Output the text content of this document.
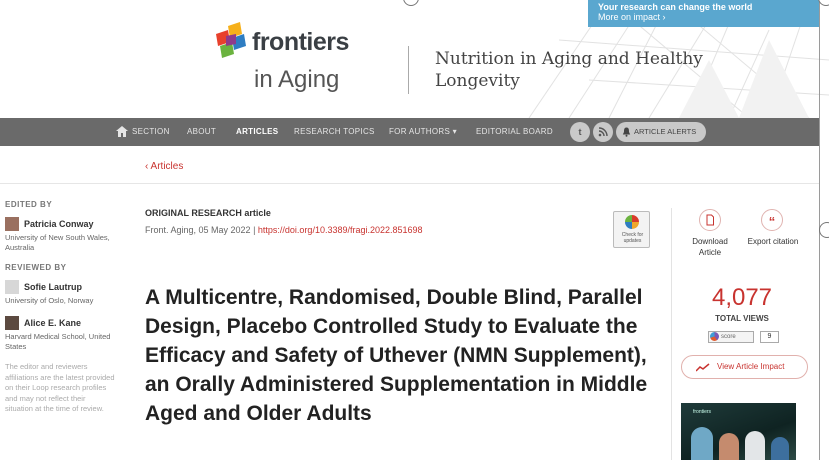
frontiers
in Aging
Nutrition in Aging and Healthy Longevity
Your research can change the world
More on impact ›
SECTION ABOUT ARTICLES RESEARCH TOPICS FOR AUTHORS ▾ EDITORIAL BOARD	t	ARTICLE ALERTS
‹ Articles
EDITED BY
Patricia Conway
University of New South Wales, Australia
REVIEWED BY
Sofie Lautrup
University of Oslo, Norway
Alice E. Kane
Harvard Medical School, United States
The editor and reviewers affiliations are the latest provided on their Loop research profiles and may not reflect their situation at the time of review.
ORIGINAL RESEARCH article
Front. Aging, 05 May 2022 | https://doi.org/10.3389/fragi.2022.851698	Check for updates
A Multicentre, Randomised, Double Blind, Parallel Design, Placebo Controlled Study to Evaluate the Efficacy and Safety of Uthever (NMN Supplement), an Orally Administered Supplementation in Middle Aged and Older Adults
Download Article
“
Export citation
4,077
TOTAL VIEWS
score	9
View Article Impact
frontiers
